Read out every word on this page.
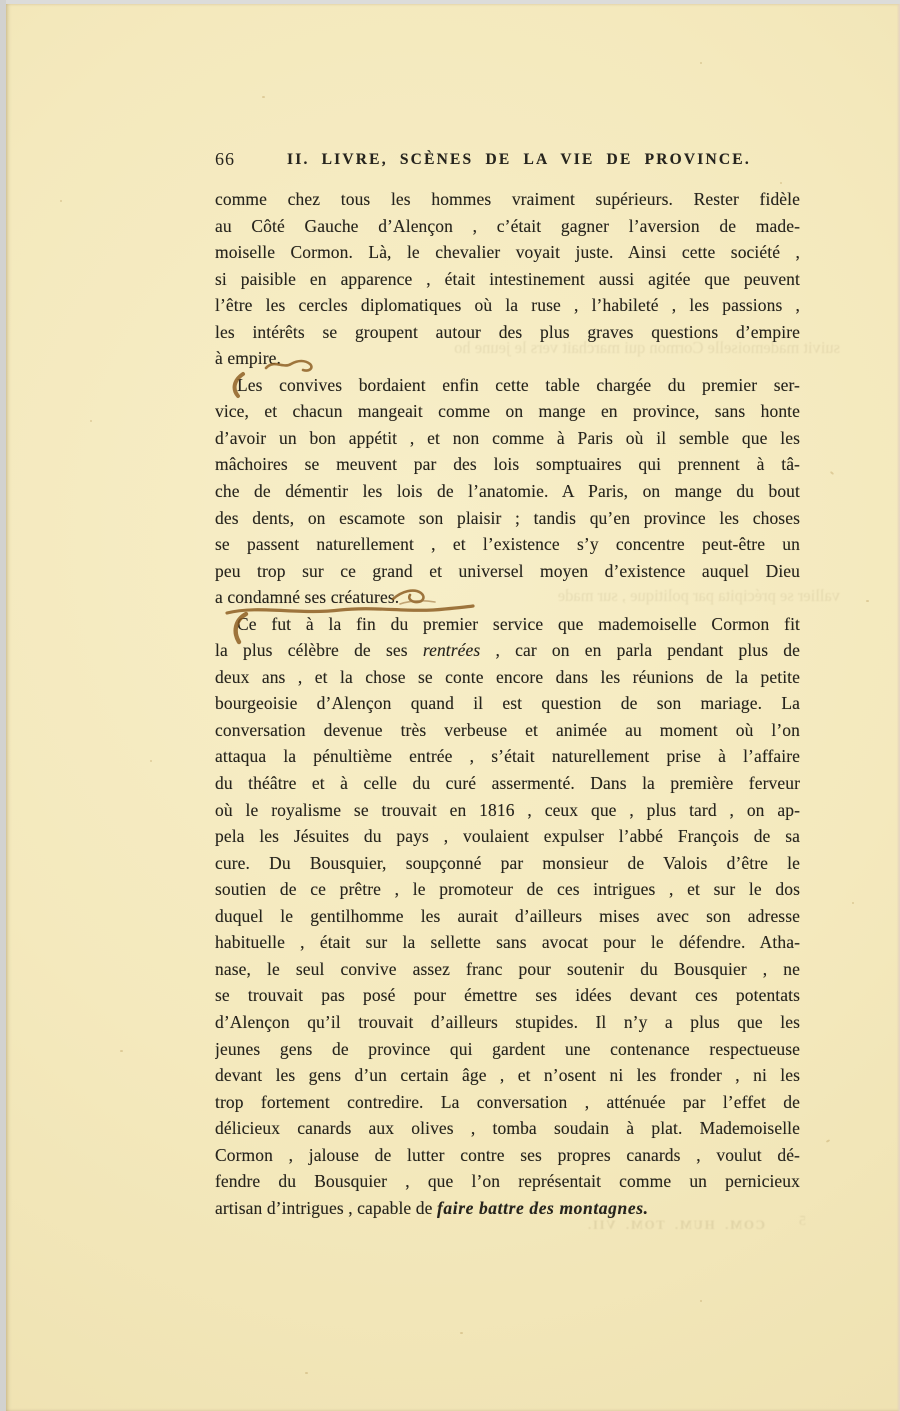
suivit mademoiselle Cormon qui marchait vers le jeune ho
vallier se précipita par politique , sur made
COM. HUM. TOM. VII.	5
66	II. LIVRE, SCÈNES DE LA VIE DE PROVINCE.
comme chez tous les hommes vraiment supérieurs. Rester fidèle
au Côté Gauche d’Alençon , c’était gagner l’aversion de made-
moiselle Cormon. Là, le chevalier voyait juste. Ainsi cette société ,
si paisible en apparence , était intestinement aussi agitée que peuvent
l’être les cercles diplomatiques où la ruse , l’habileté , les passions ,
les intérêts se groupent autour des plus graves questions d’empire
à empire.
Les convives bordaient enfin cette table chargée du premier ser-
vice, et chacun mangeait comme on mange en province, sans honte
d’avoir un bon appétit , et non comme à Paris où il semble que les
mâchoires se meuvent par des lois somptuaires qui prennent à tâ-
che de démentir les lois de l’anatomie. A Paris, on mange du bout
des dents, on escamote son plaisir ; tandis qu’en province les choses
se passent naturellement , et l’existence s’y concentre peut-être un
peu trop sur ce grand et universel moyen d’existence auquel Dieu
a condamné ses créatures.
Ce fut à la fin du premier service que mademoiselle Cormon fit
la plus célèbre de ses rentrées , car on en parla pendant plus de
deux ans , et la chose se conte encore dans les réunions de la petite
bourgeoisie d’Alençon quand il est question de son mariage. La
conversation devenue très verbeuse et animée au moment où l’on
attaqua la pénultième entrée , s’était naturellement prise à l’affaire
du théâtre et à celle du curé assermenté. Dans la première ferveur
où le royalisme se trouvait en 1816 , ceux que , plus tard , on ap-
pela les Jésuites du pays , voulaient expulser l’abbé François de sa
cure. Du Bousquier, soupçonné par monsieur de Valois d’être le
soutien de ce prêtre , le promoteur de ces intrigues , et sur le dos
duquel le gentilhomme les aurait d’ailleurs mises avec son adresse
habituelle , était sur la sellette sans avocat pour le défendre. Atha-
nase, le seul convive assez franc pour soutenir du Bousquier , ne
se trouvait pas posé pour émettre ses idées devant ces potentats
d’Alençon qu’il trouvait d’ailleurs stupides. Il n’y a plus que les
jeunes gens de province qui gardent une contenance respectueuse
devant les gens d’un certain âge , et n’osent ni les fronder , ni les
trop fortement contredire. La conversation , atténuée par l’effet de
délicieux canards aux olives , tomba soudain à plat. Mademoiselle
Cormon , jalouse de lutter contre ses propres canards , voulut dé-
fendre du Bousquier , que l’on représentait comme un pernicieux
artisan d’intrigues , capable de faire battre des montagnes.
